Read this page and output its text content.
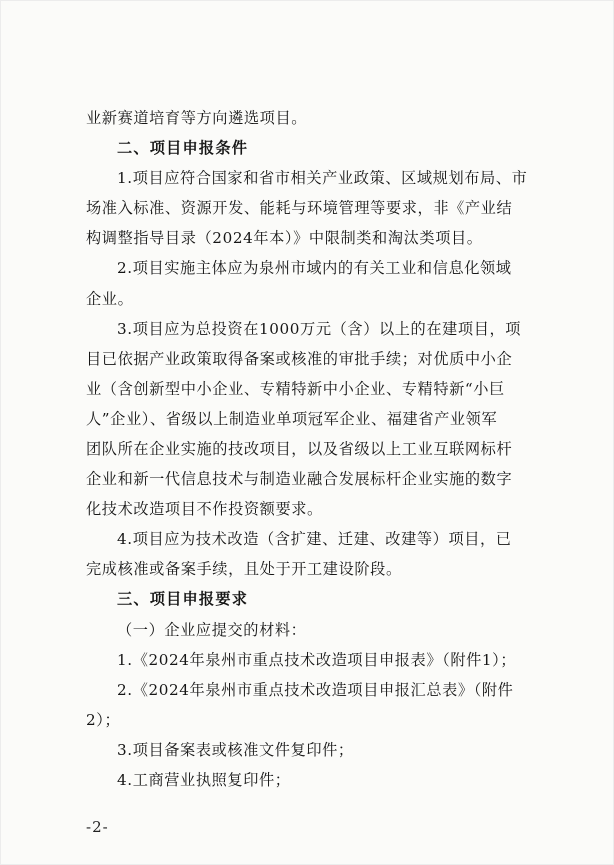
业新赛道培育等方向遴选项目。
二、项目申报条件
1.项目应符合国家和省市相关产业政策、区域规划布局、市
场准入标准、资源开发、能耗与环境管理等要求，非《产业结
构调整指导目录（2024年本）》中限制类和淘汰类项目。
2.项目实施主体应为泉州市域内的有关工业和信息化领域
企业。
3.项目应为总投资在1000万元（含）以上的在建项目，项
目已依据产业政策取得备案或核准的审批手续；对优质中小企
业（含创新型中小企业、专精特新中小企业、专精特新“小巨
人”企业）、省级以上制造业单项冠军企业、福建省产业领军
团队所在企业实施的技改项目，以及省级以上工业互联网标杆
企业和新一代信息技术与制造业融合发展标杆企业实施的数字
化技术改造项目不作投资额要求。
4.项目应为技术改造（含扩建、迁建、改建等）项目，已
完成核准或备案手续，且处于开工建设阶段。
三、项目申报要求
（一）企业应提交的材料：
1.《2024年泉州市重点技术改造项目申报表》（附件1）；
2.《2024年泉州市重点技术改造项目申报汇总表》（附件
2）；
3.项目备案表或核准文件复印件；
4.工商营业执照复印件；
-2-
